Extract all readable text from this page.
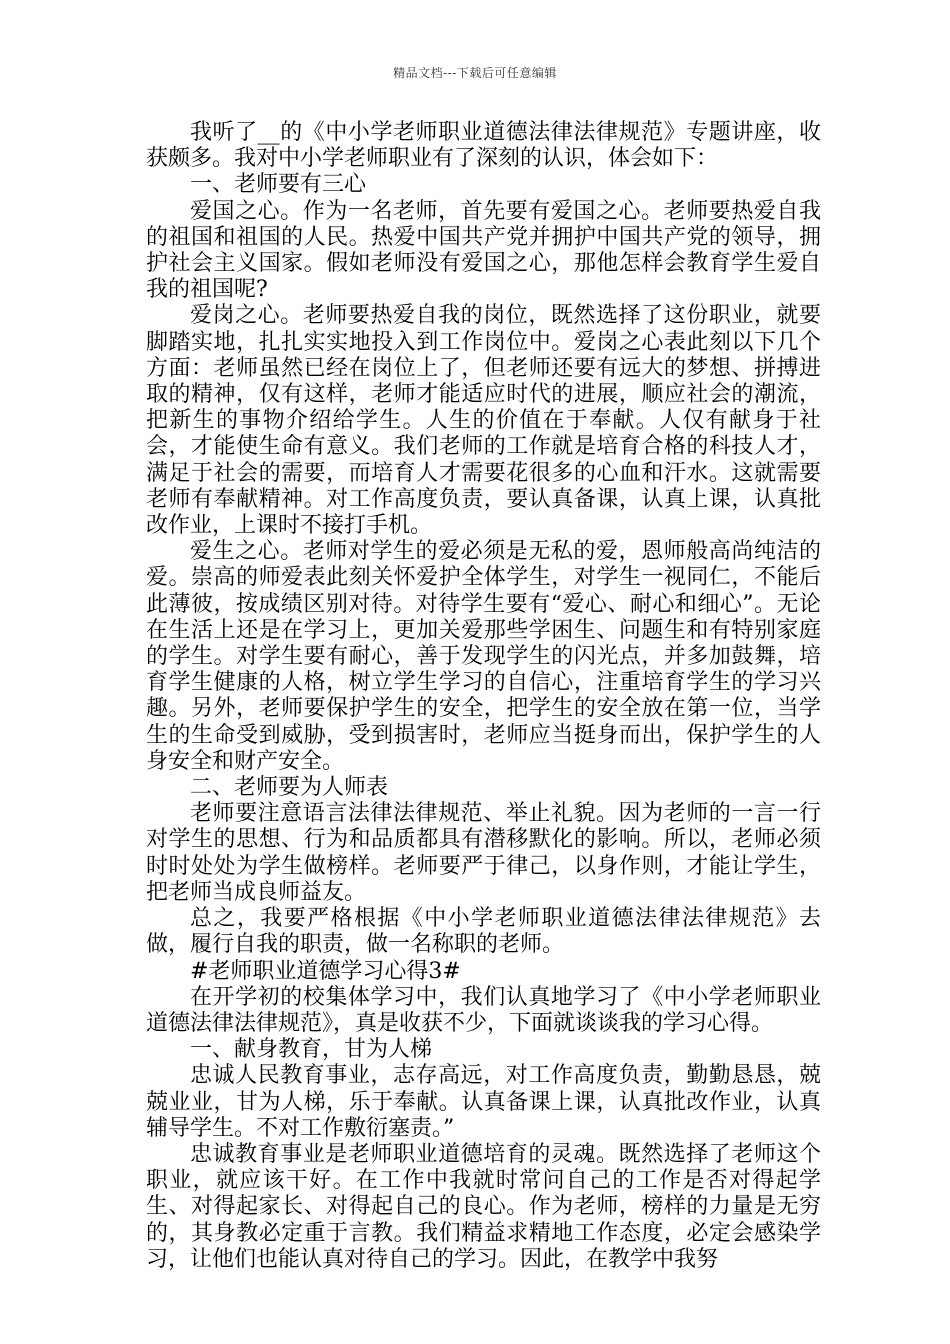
精品文档---下载后可任意编辑

我听了__的《中小学老师职业道德法律法律规范》专题讲座，收获颇多。我对中小学老师职业有了深刻的认识，体会如下：

一、老师要有三心

爱国之心。作为一名老师，首先要有爱国之心。老师要热爱自我的祖国和祖国的人民。热爱中国共产党并拥护中国共产党的领导，拥护社会主义国家。假如老师没有爱国之心，那他怎样会教育学生爱自我的祖国呢?

爱岗之心。老师要热爱自我的岗位，既然选择了这份职业，就要脚踏实地，扎扎实实地投入到工作岗位中。爱岗之心表此刻以下几个方面：老师虽然已经在岗位上了，但老师还要有远大的梦想、拼搏进取的精神，仅有这样，老师才能适应时代的进展，顺应社会的潮流，把新生的事物介绍给学生。人生的价值在于奉献。人仅有献身于社会，才能使生命有意义。我们老师的工作就是培育合格的科技人才，满足于社会的需要，而培育人才需要花很多的心血和汗水。这就需要老师有奉献精神。对工作高度负责，要认真备课，认真上课，认真批改作业，上课时不接打手机。

爱生之心。老师对学生的爱必须是无私的爱，恩师般高尚纯洁的爱。崇高的师爱表此刻关怀爱护全体学生，对学生一视同仁，不能后此薄彼，按成绩区别对待。对待学生要有“爱心、耐心和细心”。无论在生活上还是在学习上，更加关爱那些学困生、问题生和有特别家庭的学生。对学生要有耐心，善于发现学生的闪光点，并多加鼓舞，培育学生健康的人格，树立学生学习的自信心，注重培育学生的学习兴趣。另外，老师要保护学生的安全，把学生的安全放在第一位，当学生的生命受到威胁，受到损害时，老师应当挺身而出，保护学生的人身安全和财产安全。

二、老师要为人师表

老师要注意语言法律法律规范、举止礼貌。因为老师的一言一行对学生的思想、行为和品质都具有潜移默化的影响。所以，老师必须时时处处为学生做榜样。老师要严于律己，以身作则，才能让学生，把老师当成良师益友。

总之，我要严格根据《中小学老师职业道德法律法律规范》去做，履行自我的职责，做一名称职的老师。

#老师职业道德学习心得3#

在开学初的校集体学习中，我们认真地学习了《中小学老师职业道德法律法律规范》，真是收获不少，下面就谈谈我的学习心得。

一、献身教育，甘为人梯

忠诚人民教育事业，志存高远，对工作高度负责，勤勤恳恳，兢兢业业，甘为人梯，乐于奉献。认真备课上课，认真批改作业，认真辅导学生。不对工作敷衍塞责。”

忠诚教育事业是老师职业道德培育的灵魂。既然选择了老师这个职业，就应该干好。在工作中我就时常问自己的工作是否对得起学生、对得起家长、对得起自己的良心。作为老师，榜样的力量是无穷的，其身教必定重于言教。我们精益求精地工作态度，必定会感染学习，让他们也能认真对待自己的学习。因此，在教学中我努
